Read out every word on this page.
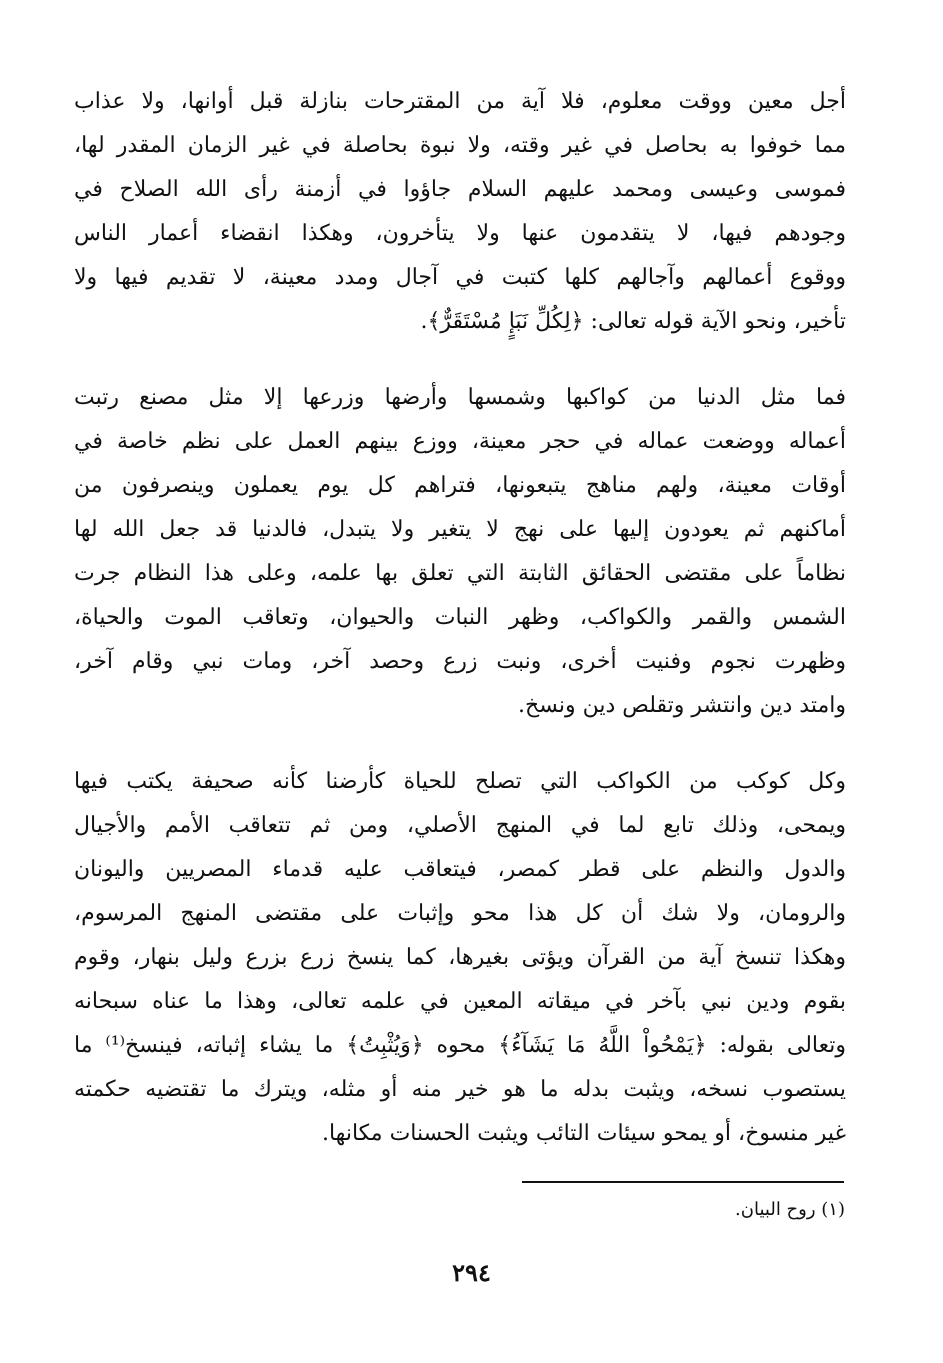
أجل معين ووقت معلوم، فلا آية من المقترحات بنازلة قبل أوانها، ولا عذاب
مما خوفوا به بحاصل في غير وقته، ولا نبوة بحاصلة في غير الزمان المقدر لها،
فموسى وعيسى ومحمد عليهم السلام جاؤوا في أزمنة رأى الله الصلاح في
وجودهم فيها، لا يتقدمون عنها ولا يتأخرون، وهكذا انقضاء أعمار الناس
ووقوع أعمالهم وآجالهم كلها كتبت في آجال ومدد معينة، لا تقديم فيها ولا
تأخير، ونحو الآية قوله تعالى: ﴿لِكُلِّ نَبَإٍ مُسْتَقَرٌّ﴾.
فما مثل الدنيا من كواكبها وشمسها وأرضها وزرعها إلا مثل مصنع رتبت
أعماله ووضعت عماله في حجر معينة، ووزع بينهم العمل على نظم خاصة في
أوقات معينة، ولهم مناهج يتبعونها، فتراهم كل يوم يعملون وينصرفون من
أماكنهم ثم يعودون إليها على نهج لا يتغير ولا يتبدل، فالدنيا قد جعل الله لها
نظاماً على مقتضى الحقائق الثابتة التي تعلق بها علمه، وعلى هذا النظام جرت
الشمس والقمر والكواكب، وظهر النبات والحيوان، وتعاقب الموت والحياة،
وظهرت نجوم وفنيت أخرى، ونبت زرع وحصد آخر، ومات نبي وقام آخر،
وامتد دين وانتشر وتقلص دين ونسخ.
وكل كوكب من الكواكب التي تصلح للحياة كأرضنا كأنه صحيفة يكتب فيها
ويمحى، وذلك تابع لما في المنهج الأصلي، ومن ثم تتعاقب الأمم والأجيال
والدول والنظم على قطر كمصر، فيتعاقب عليه قدماء المصريين واليونان
والرومان، ولا شك أن كل هذا محو وإثبات على مقتضى المنهج المرسوم،
وهكذا تنسخ آية من القرآن ويؤتى بغيرها، كما ينسخ زرع بزرع وليل بنهار، وقوم
بقوم ودين نبي بآخر في ميقاته المعين في علمه تعالى، وهذا ما عناه سبحانه
وتعالى بقوله: ﴿يَمْحُواْ اللَّهُ مَا يَشَآءُ﴾ محوه ﴿وَيُثْبِتُ﴾ ما يشاء إثباته، فينسخ⁽¹⁾ ما
يستصوب نسخه، ويثبت بدله ما هو خير منه أو مثله، ويترك ما تقتضيه حكمته
غير منسوخ، أو يمحو سيئات التائب ويثبت الحسنات مكانها.
(١) روح البيان.
٢٩٤
